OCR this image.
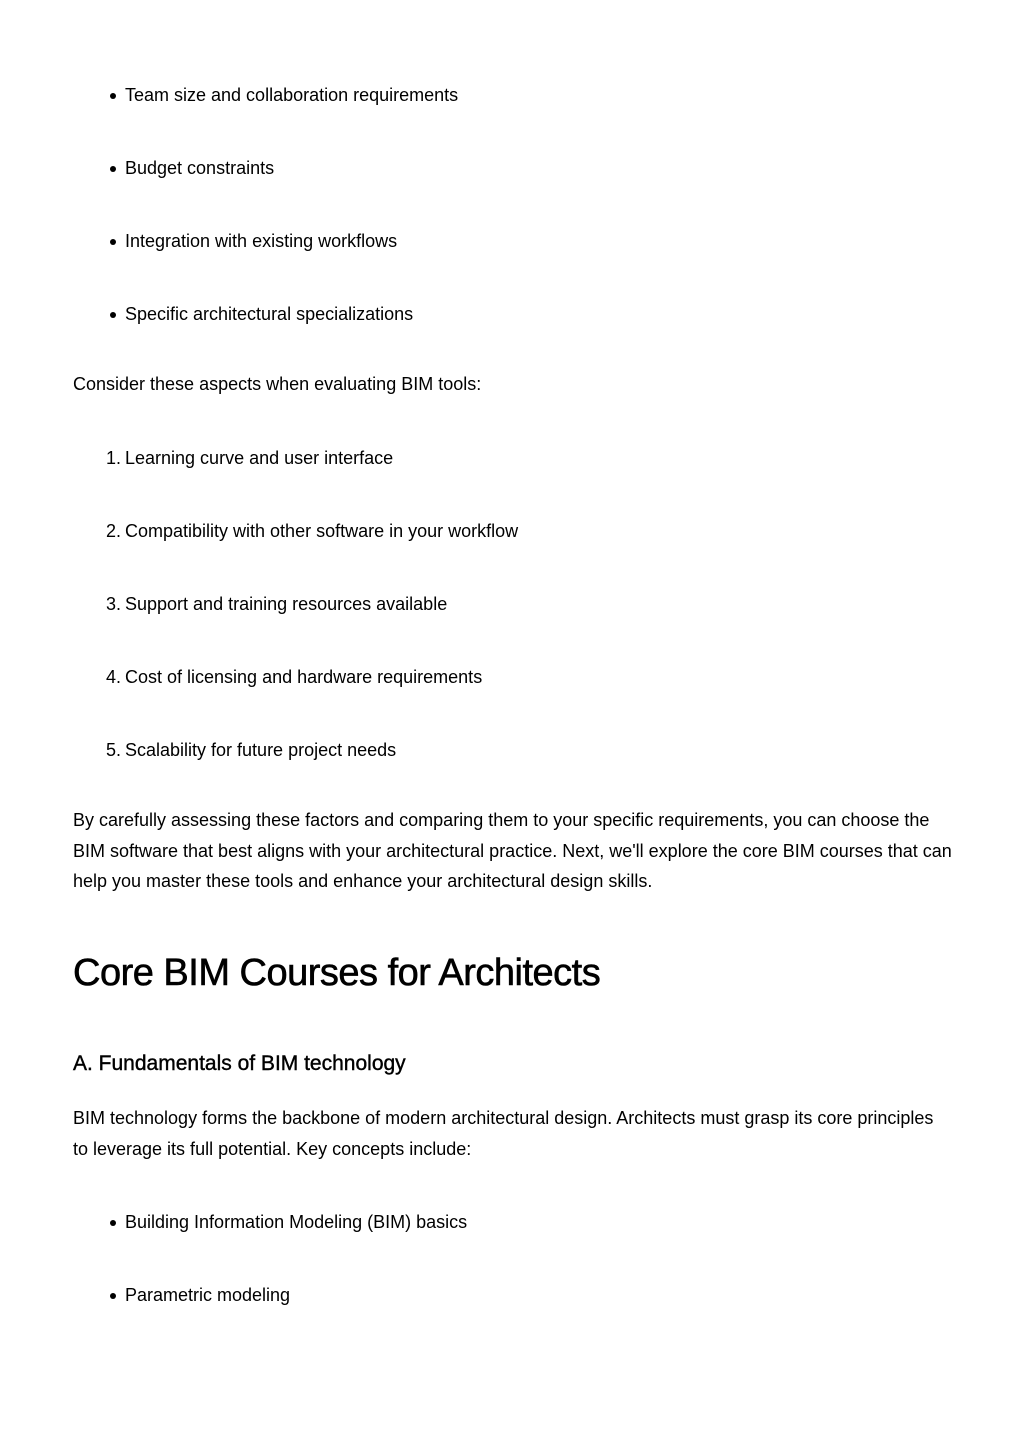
Team size and collaboration requirements
Budget constraints
Integration with existing workflows
Specific architectural specializations

Consider these aspects when evaluating BIM tools:

1. Learning curve and user interface
2. Compatibility with other software in your workflow
3. Support and training resources available
4. Cost of licensing and hardware requirements
5. Scalability for future project needs

By carefully assessing these factors and comparing them to your specific requirements, you can choose the BIM software that best aligns with your architectural practice. Next, we'll explore the core BIM courses that can help you master these tools and enhance your architectural design skills.

Core BIM Courses for Architects
A. Fundamentals of BIM technology

BIM technology forms the backbone of modern architectural design. Architects must grasp its core principles to leverage its full potential. Key concepts include:

Building Information Modeling (BIM) basics
Parametric modeling
